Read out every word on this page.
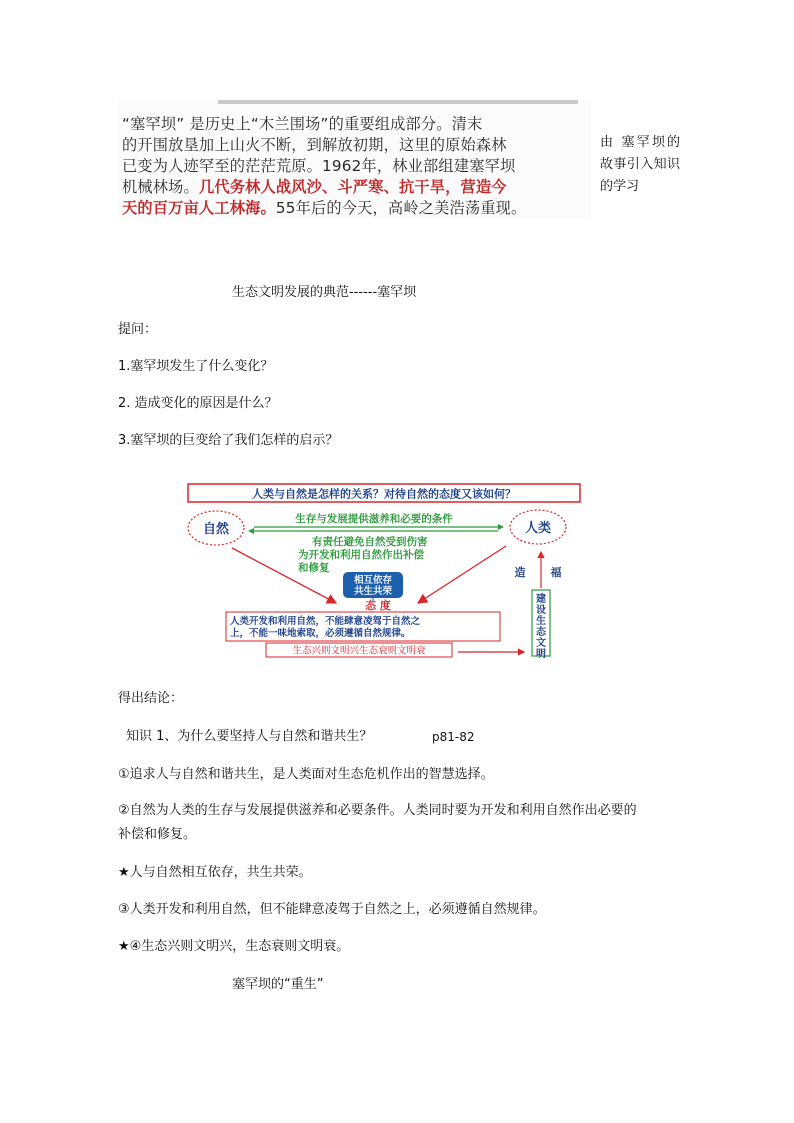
“塞罕坝” 是历史上“木兰围场”的重要组成部分。清末
的开围放垦加上山火不断，到解放初期，这里的原始森林
已变为人迹罕至的茫茫荒原。1962年，林业部组建塞罕坝
机械林场。几代务林人战风沙、斗严寒、抗干旱，营造今
天的百万亩人工林海。55年后的今天，高岭之美浩荡重现。
由 塞罕坝的故事引入知识的学习
生态文明发展的典范------塞罕坝
提问：
1.塞罕坝发生了什么变化？
2. 造成变化的原因是什么？
3.塞罕坝的巨变给了我们怎样的启示？
人类与自然是怎样的关系？对待自然的态度又该如何？
自然	人类
生存与发展提供滋养和必要的条件
有责任避免自然受到伤害
为开发和利用自然作出补偿
和修复
相互依存
共生共荣
态 度
人类开发和利用自然，不能肆意凌驾于自然之
上，不能一味地索取，必须遵循自然规律。
生态兴则文明兴生态衰则文明衰
建设生态文明
造 福
得出结论：
知识 1、为什么要坚持人与自然和谐共生？	p81-82
①追求人与自然和谐共生，是人类面对生态危机作出的智慧选择。
②自然为人类的生存与发展提供滋养和必要条件。人类同时要为开发和利用自然作出必要的
补偿和修复。
★人与自然相互依存，共生共荣。
③人类开发和利用自然，但不能肆意凌驾于自然之上，必须遵循自然规律。
★④生态兴则文明兴，生态衰则文明衰。
塞罕坝的“重生”
